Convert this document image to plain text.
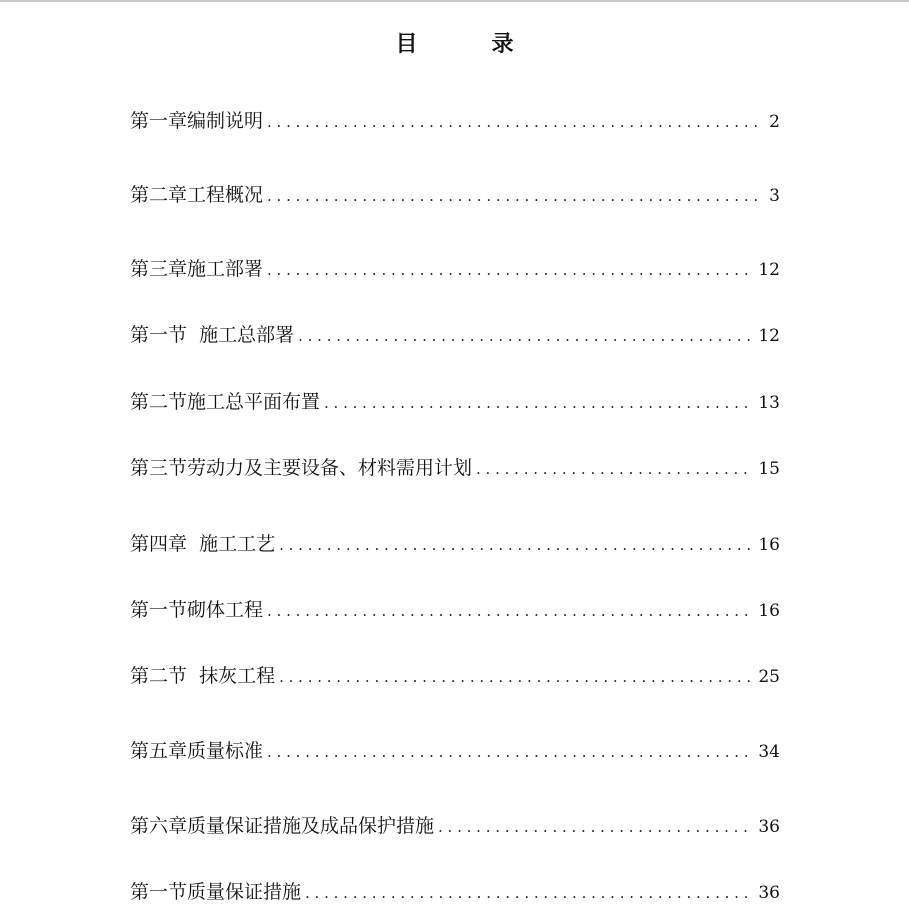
目　录
第一章编制说明 . . .	2
第二章工程概况 . . .	3
第三章施工部署 . . .	12
第一节  施工总部署 . . .	12
第二节施工总平面布置 . . .	13
第三节劳动力及主要设备、材料需用计划 . . .	15
第四章  施工工艺 . . .	16
第一节砌体工程 . . .	16
第二节  抹灰工程 . . .	25
第五章质量标准 . . .	34
第六章质量保证措施及成品保护措施 . . .	36
第一节质量保证措施 . . .	36
